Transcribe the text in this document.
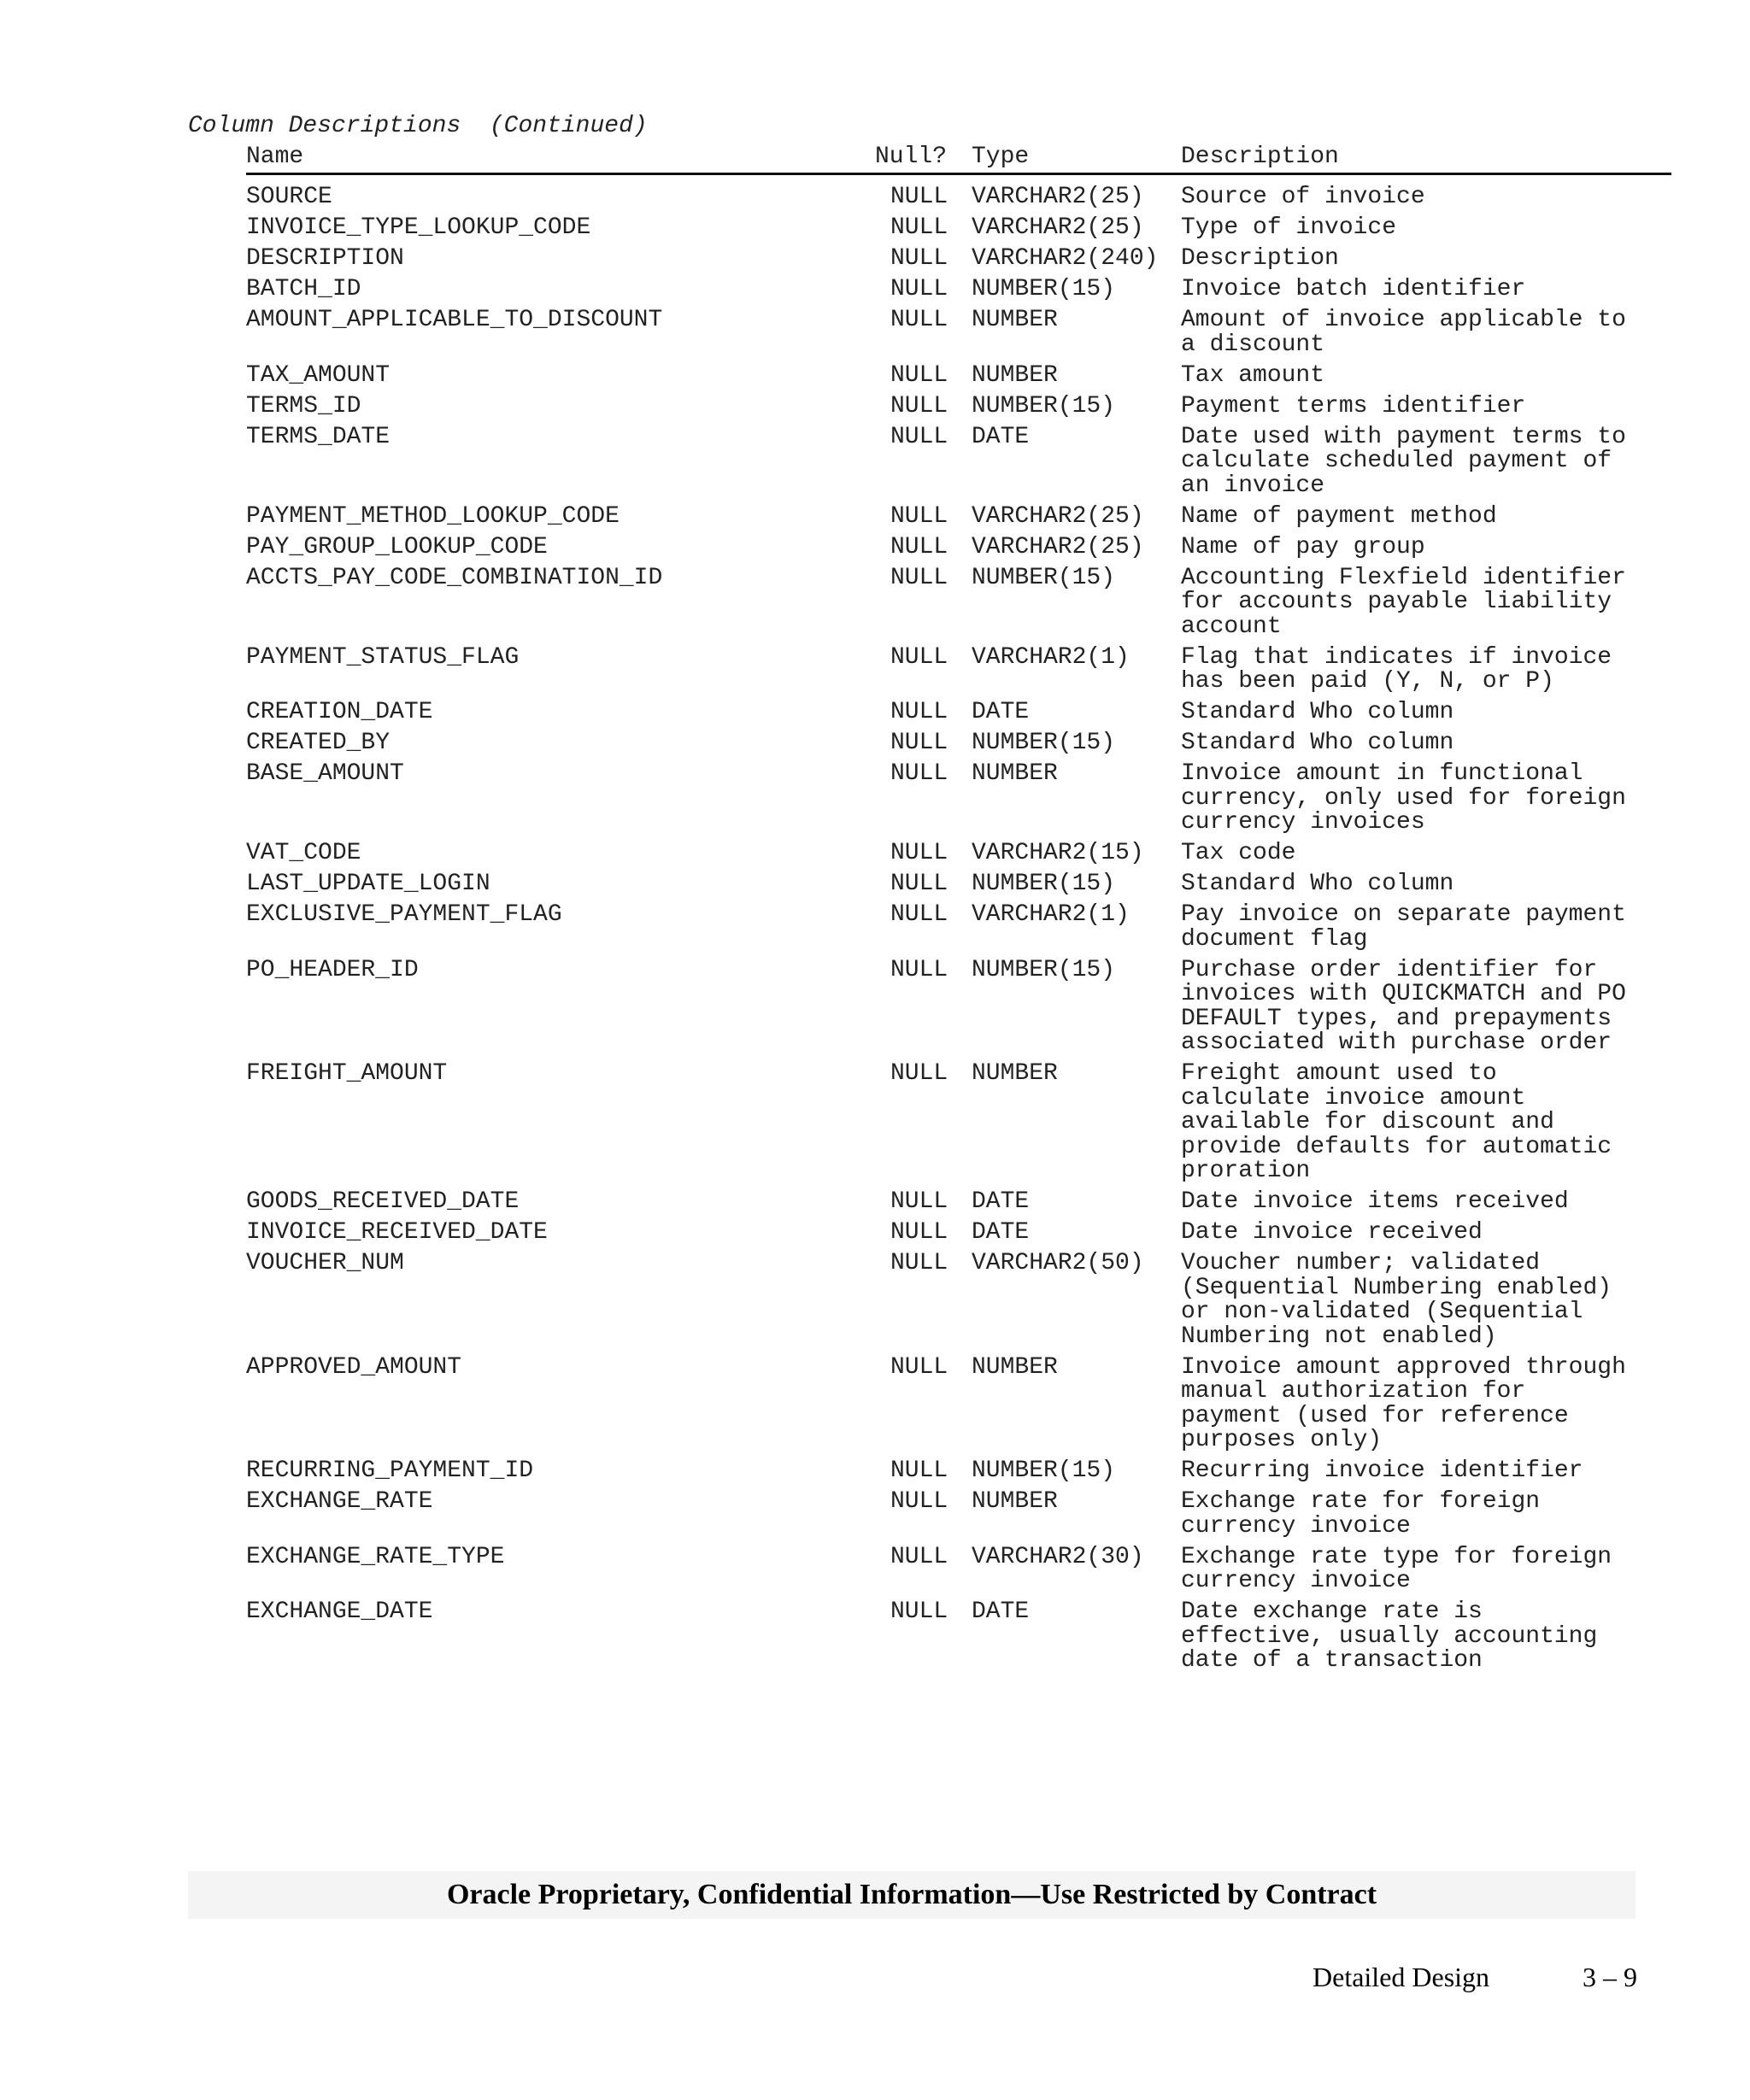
Column Descriptions  (Continued)
Name	Null? Type	Description
SOURCE	NULL VARCHAR2(25) Source of invoice
INVOICE_TYPE_LOOKUP_CODE	NULL VARCHAR2(25) Type of invoice
DESCRIPTION	NULL VARCHAR2(240) Description
BATCH_ID	NULL NUMBER(15)	Invoice batch identifier
AMOUNT_APPLICABLE_TO_DISCOUNT	NULL NUMBER	Amount of invoice applicable to
a discount
TAX_AMOUNT	NULL NUMBER	Tax amount
TERMS_ID	NULL NUMBER(15)	Payment terms identifier
TERMS_DATE	NULL DATE	Date used with payment terms to
calculate scheduled payment of
an invoice
PAYMENT_METHOD_LOOKUP_CODE	NULL VARCHAR2(25) Name of payment method
PAY_GROUP_LOOKUP_CODE	NULL VARCHAR2(25) Name of pay group
ACCTS_PAY_CODE_COMBINATION_ID	NULL NUMBER(15)	Accounting Flexfield identifier
for accounts payable liability
account
PAYMENT_STATUS_FLAG	NULL VARCHAR2(1) Flag that indicates if invoice
has been paid (Y, N, or P)
CREATION_DATE	NULL DATE	Standard Who column
CREATED_BY	NULL NUMBER(15)	Standard Who column
BASE_AMOUNT	NULL NUMBER	Invoice amount in functional
currency, only used for foreign
currency invoices
VAT_CODE	NULL VARCHAR2(15) Tax code
LAST_UPDATE_LOGIN	NULL NUMBER(15)	Standard Who column
EXCLUSIVE_PAYMENT_FLAG	NULL VARCHAR2(1) Pay invoice on separate payment
document flag
PO_HEADER_ID	NULL NUMBER(15)	Purchase order identifier for
invoices with QUICKMATCH and PO
DEFAULT types, and prepayments
associated with purchase order
FREIGHT_AMOUNT	NULL NUMBER	Freight amount used to
calculate invoice amount
available for discount and
provide defaults for automatic
proration
GOODS_RECEIVED_DATE	NULL DATE	Date invoice items received
INVOICE_RECEIVED_DATE	NULL DATE	Date invoice received
VOUCHER_NUM	NULL VARCHAR2(50) Voucher number; validated
(Sequential Numbering enabled)
or non-validated (Sequential
Numbering not enabled)
APPROVED_AMOUNT	NULL NUMBER	Invoice amount approved through
manual authorization for
payment (used for reference
purposes only)
RECURRING_PAYMENT_ID	NULL NUMBER(15)	Recurring invoice identifier
EXCHANGE_RATE	NULL NUMBER	Exchange rate for foreign
currency invoice
EXCHANGE_RATE_TYPE	NULL VARCHAR2(30) Exchange rate type for foreign
currency invoice
EXCHANGE_DATE	NULL DATE	Date exchange rate is
effective, usually accounting
date of a transaction
Oracle Proprietary, Confidential Information––Use Restricted by Contract
Detailed Design	3 – 9
